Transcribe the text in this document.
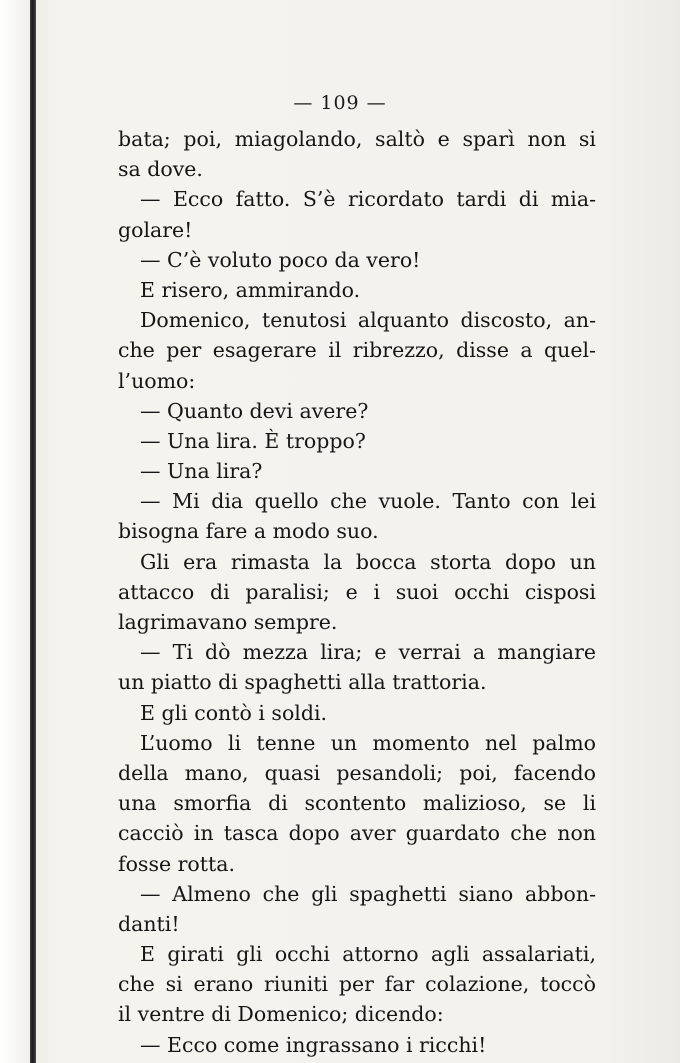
— 109 —
bata; poi, miagolando, saltò e sparì non si
sa dove.
— Ecco fatto. S’è ricordato tardi di mia-
golare!
— C’è voluto poco da vero!
E risero, ammirando.
Domenico, tenutosi alquanto discosto, an-
che per esagerare il ribrezzo, disse a quel-
l’uomo:
— Quanto devi avere?
— Una lira. È troppo?
— Una lira?
— Mi dia quello che vuole. Tanto con lei
bisogna fare a modo suo.
Gli era rimasta la bocca storta dopo un
attacco di paralisi; e i suoi occhi cisposi
lagrimavano sempre.
— Ti dò mezza lira; e verrai a mangiare
un piatto di spaghetti alla trattoria.
E gli contò i soldi.
L’uomo li tenne un momento nel palmo
della mano, quasi pesandoli; poi, facendo
una smorfia di scontento malizioso, se li
cacciò in tasca dopo aver guardato che non
fosse rotta.
— Almeno che gli spaghetti siano abbon-
danti!
E girati gli occhi attorno agli assalariati,
che si erano riuniti per far colazione, toccò
il ventre di Domenico; dicendo:
— Ecco come ingrassano i ricchi!
